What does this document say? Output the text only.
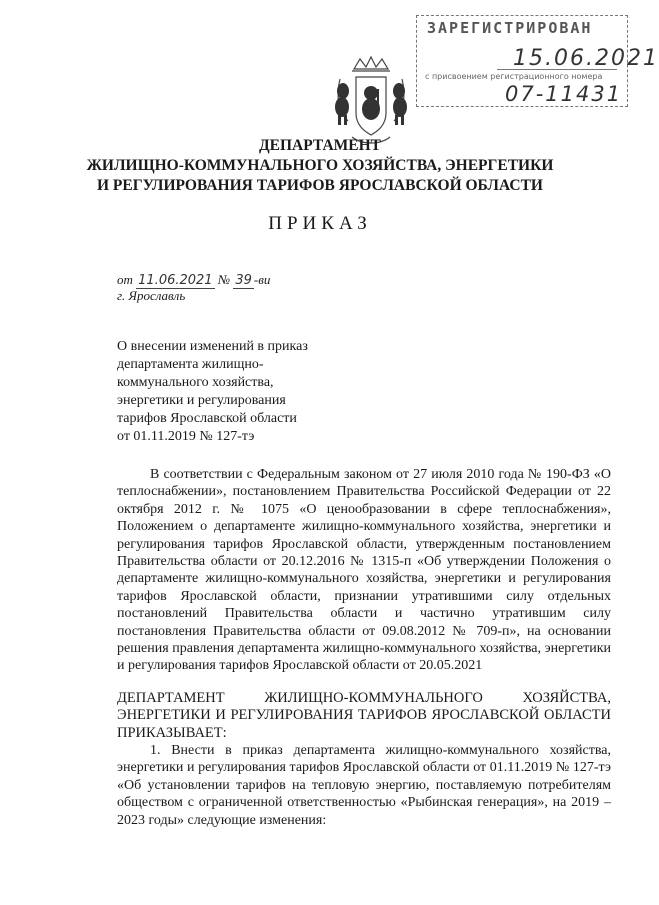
ЗАРЕГИСТРИРОВАН
15.06.2021
с присвоением регистрационного номера
07-11431
ДЕПАРТАМЕНТ
ЖИЛИЩНО-КОММУНАЛЬНОГО ХОЗЯЙСТВА, ЭНЕРГЕТИКИ
И РЕГУЛИРОВАНИЯ ТАРИФОВ ЯРОСЛАВСКОЙ ОБЛАСТИ
ПРИКАЗ
от 11.06.2021 № 39 -ви
г. Ярославль
О внесении изменений в приказ
департамента жилищно-
коммунального хозяйства,
энергетики и регулирования
тарифов Ярославской области
от 01.11.2019 № 127-тэ

В соответствии с Федеральным законом от 27 июля 2010 года № 190-ФЗ «О теплоснабжении», постановлением Правительства Российской Федерации от 22 октября 2012 г. № 1075 «О ценообразовании в сфере теплоснабжения», Положением о департаменте жилищно-коммунального хозяйства, энергетики и регулирования тарифов Ярославской области, утвержденным постановлением Правительства области от 20.12.2016 № 1315-п «Об утверждении Положения о департаменте жилищно-коммунального хозяйства, энергетики и регулирования тарифов Ярославской области, признании утратившими силу отдельных постановлений Правительства области и частично утратившим силу постановления Правительства области от 09.08.2012 № 709-п», на основании решения правления департамента жилищно-коммунального хозяйства, энергетики и регулирования тарифов Ярославской области от 20.05.2021

ДЕПАРТАМЕНТ ЖИЛИЩНО-КОММУНАЛЬНОГО ХОЗЯЙСТВА, ЭНЕРГЕТИКИ И РЕГУЛИРОВАНИЯ ТАРИФОВ ЯРОСЛАВСКОЙ ОБЛАСТИ ПРИКАЗЫВАЕТ:

1. Внести в приказ департамента жилищно-коммунального хозяйства, энергетики и регулирования тарифов Ярославской области от 01.11.2019 № 127-тэ «Об установлении тарифов на тепловую энергию, поставляемую потребителям обществом с ограниченной ответственностью «Рыбинская генерация», на 2019 – 2023 годы» следующие изменения:
